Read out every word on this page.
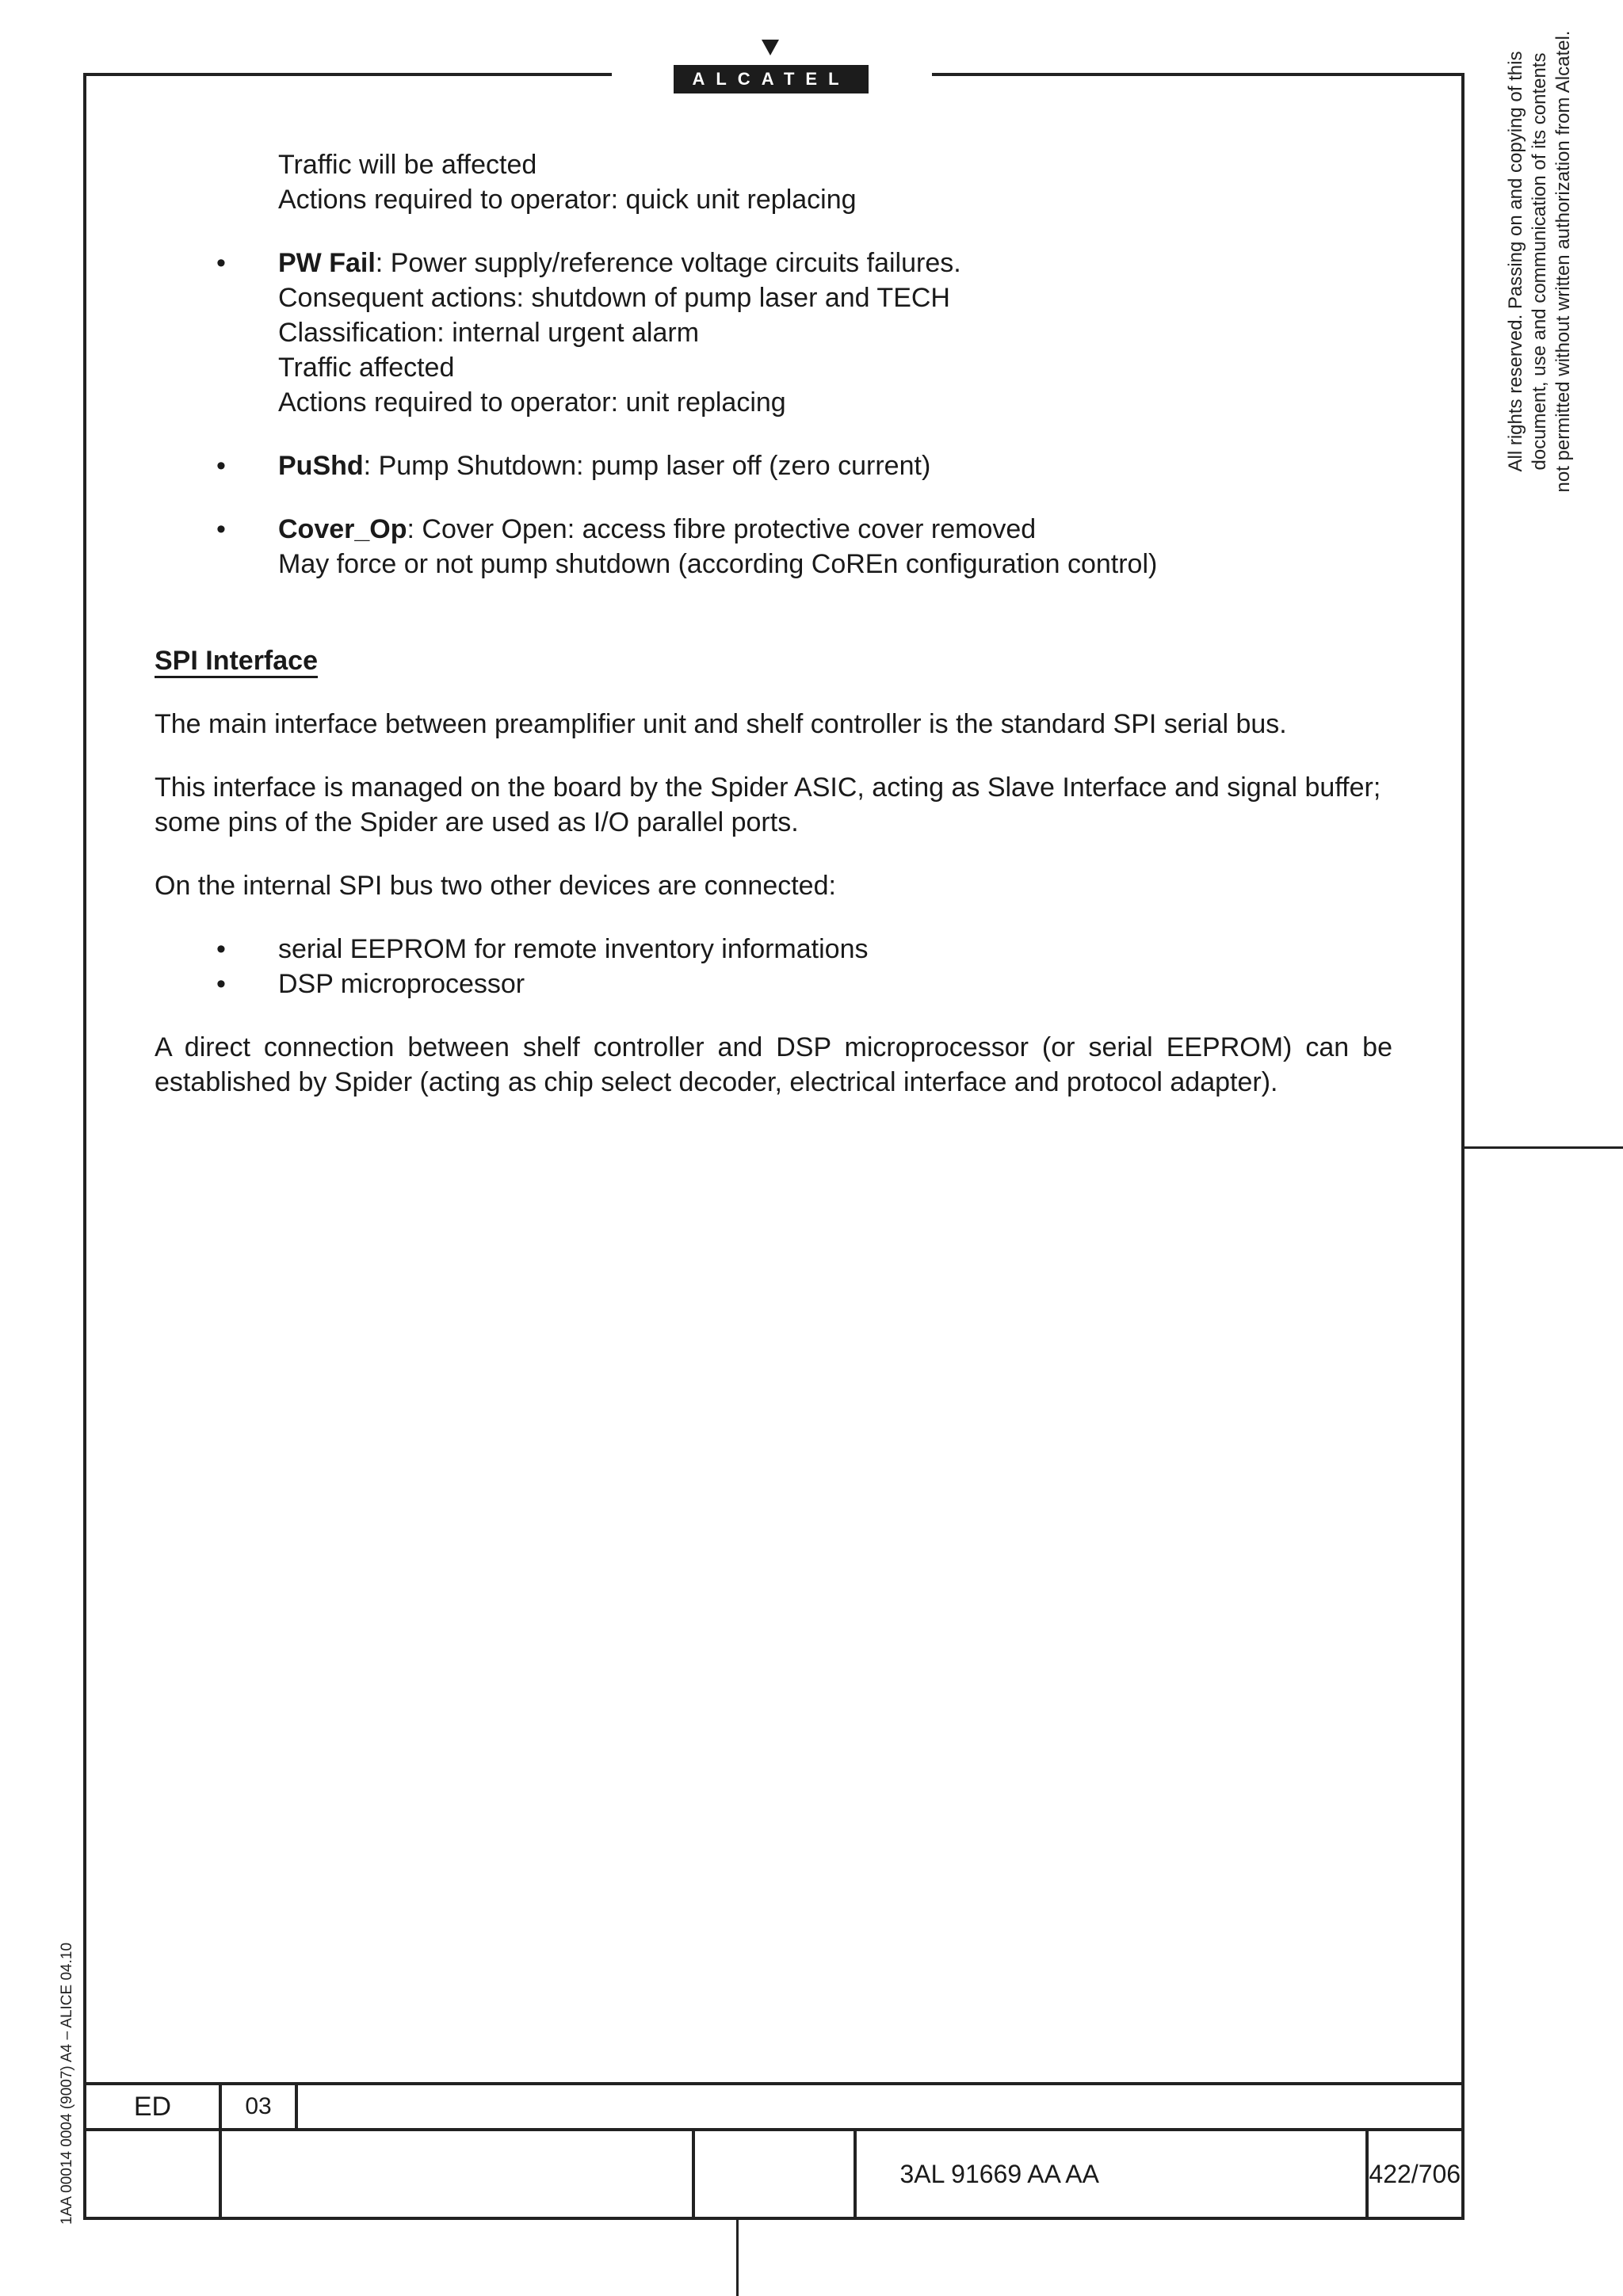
ALCATEL	All rights reserved. Passing on and copying of this document, use and communication of its contents not permitted without written authorization from Alcatel.
1AA 00014 0004 (9007) A4 – ALICE 04.10
Traffic will be affected
Actions required to operator: quick unit replacing
• PW Fail: Power supply/reference voltage circuits failures.
Consequent actions: shutdown of pump laser and TECH
Classification: internal urgent alarm
Traffic affected
Actions required to operator: unit replacing
• PuShd: Pump Shutdown: pump laser off (zero current)
• Cover_Op: Cover Open: access fibre protective cover removed
May force or not pump shutdown (according CoREn configuration control)
SPI Interface

The main interface between preamplifier unit and shelf controller is the standard SPI serial bus.

This interface is managed on the board by the Spider ASIC, acting as Slave Interface and signal buffer; some pins of the Spider are used as I/O parallel ports.

On the internal SPI bus two other devices are connected:

• serial EEPROM for remote inventory informations
• DSP microprocessor

A direct connection between shelf controller and DSP microprocessor (or serial EEPROM) can be established by Spider (acting as chip select decoder, electrical interface and protocol adapter).

ED	03				
				3AL 91669 AA AA	422/706
